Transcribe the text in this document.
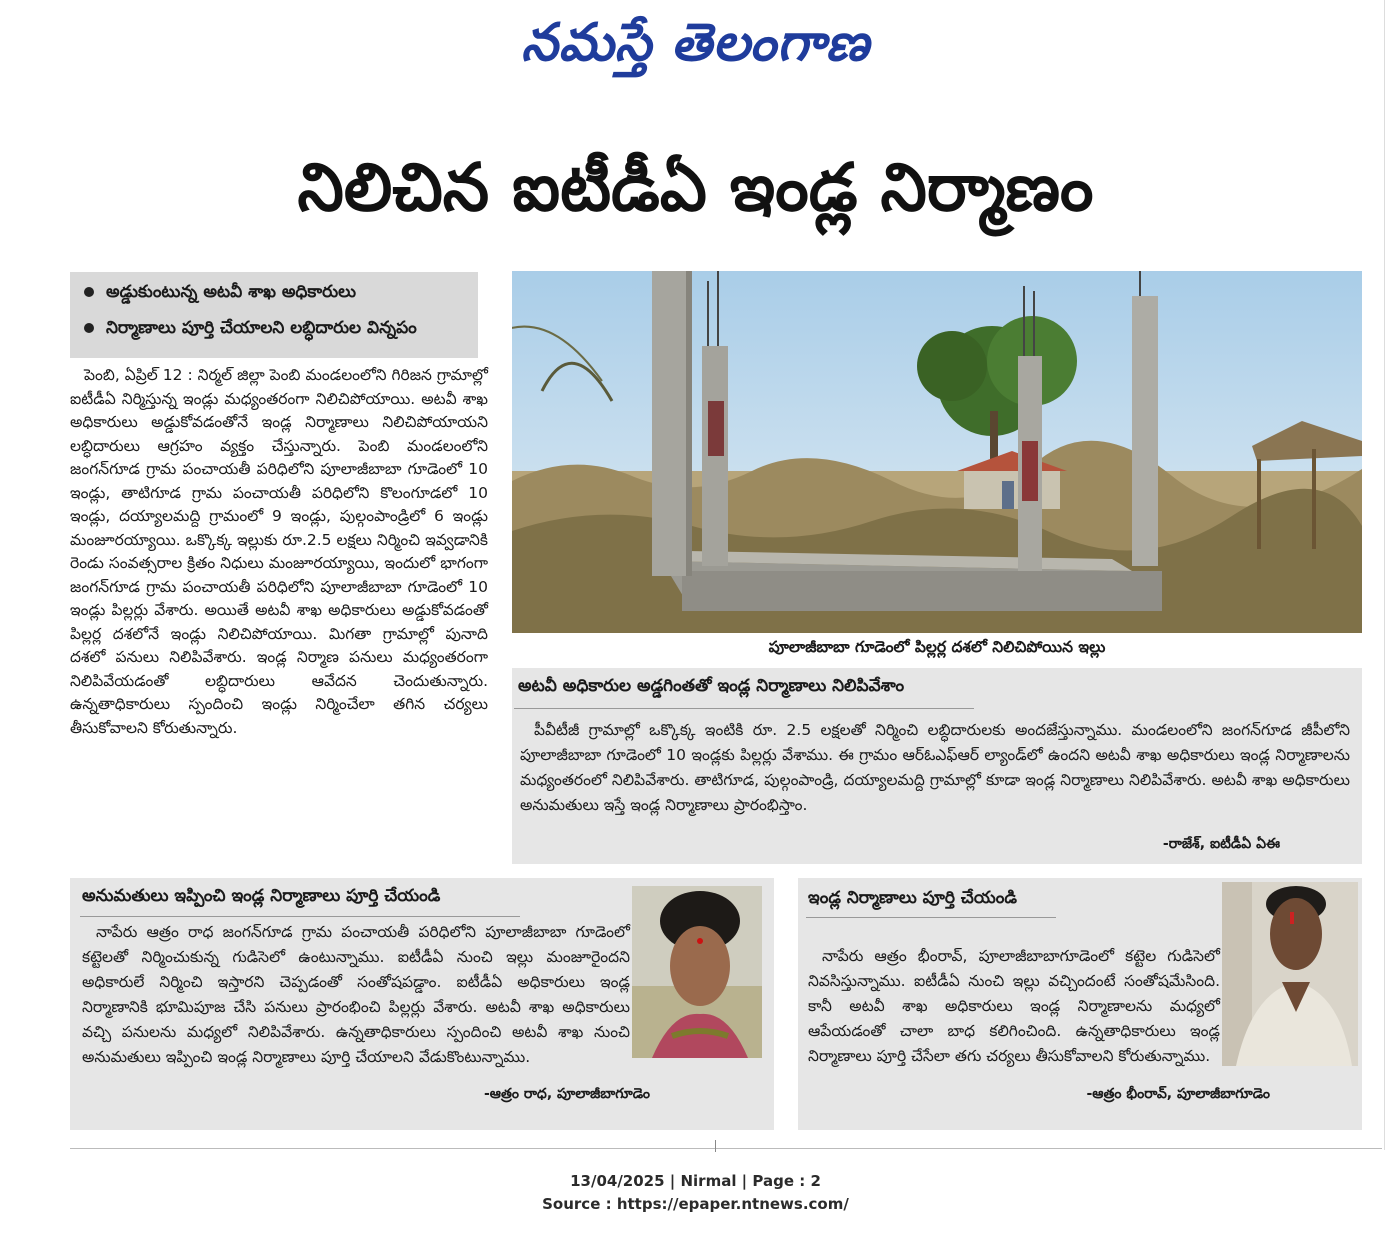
నమస్తే తెలంగాణ
నిలిచిన ఐటీడీఏ ఇండ్ల నిర్మాణం
అడ్డుకుంటున్న అటవీ శాఖ అధికారులు
నిర్మాణాలు పూర్తి చేయాలని లబ్ధిదారుల విన్నపం

పెంబి, ఏప్రిల్ 12 : నిర్మల్ జిల్లా పెంబి మండలంలోని గిరిజన గ్రామాల్లో ఐటీడీఏ నిర్మిస్తున్న ఇండ్లు మధ్యంతరంగా నిలిచిపోయాయి. అటవీ శాఖ అధికారులు అడ్డుకోవడంతోనే ఇండ్ల నిర్మాణాలు నిలిచిపోయాయని లబ్ధిదారులు ఆగ్రహం వ్యక్తం చేస్తున్నారు. పెంబి మండలంలోని జంగన్‌గూడ గ్రామ పంచాయతీ పరిధిలోని పూలాజీబాబా గూడెంలో 10 ఇండ్లు, తాటిగూడ గ్రామ పంచాయతీ పరిధిలోని కొలంగూడలో 10 ఇండ్లు, దయ్యాలమద్ది గ్రామంలో 9 ఇండ్లు, పుల్గంపాండ్రిలో 6 ఇండ్లు మంజూరయ్యాయి. ఒక్కొక్క ఇల్లుకు రూ.2.5 లక్షలు నిర్మించి ఇవ్వడానికి రెండు సంవత్సరాల క్రితం నిధులు మంజూరయ్యాయి, ఇందులో భాగంగా జంగన్‌గూడ గ్రామ పంచాయతీ పరిధిలోని పూలాజీబాబా గూడెంలో 10 ఇండ్లు పిల్లర్లు వేశారు. అయితే అటవీ శాఖ అధికారులు అడ్డుకోవడంతో పిల్లర్ల దశలోనే ఇండ్లు నిలిచిపోయాయి. మిగతా గ్రామాల్లో పునాది దశలో పనులు నిలిపివేశారు. ఇండ్ల నిర్మాణ పనులు మధ్యంతరంగా నిలిపివేయడంతో లబ్ధిదారులు ఆవేదన చెందుతున్నారు. ఉన్నతాధికారులు స్పందించి ఇండ్లు నిర్మించేలా తగిన చర్యలు తీసుకోవాలని కోరుతున్నారు.

పూలాజీబాబా గూడెంలో పిల్లర్ల దశలో నిలిచిపోయిన ఇల్లు
అటవీ అధికారుల అడ్డగింతతో ఇండ్ల నిర్మాణాలు నిలిపివేశాం

పీవీటీజీ గ్రామాల్లో ఒక్కొక్క ఇంటికి రూ. 2.5 లక్షలతో నిర్మించి లబ్ధిదారులకు అందజేస్తున్నాము. మండలంలోని జంగన్‌గూడ జీపీలోని పూలాజీబాబా గూడెంలో 10 ఇండ్లకు పిల్లర్లు వేశాము. ఈ గ్రామం ఆర్‌ఓఎఫ్‌ఆర్ ల్యాండ్‌లో ఉందని అటవీ శాఖ అధికారులు ఇండ్ల నిర్మాణాలను మధ్యంతరంలో నిలిపివేశారు. తాటిగూడ, పుల్గంపాండ్రి, దయ్యాలమద్ది గ్రామాల్లో కూడా ఇండ్ల నిర్మాణాలు నిలిపివేశారు. అటవీ శాఖ అధికారులు అనుమతులు ఇస్తే ఇండ్ల నిర్మాణాలు ప్రారంభిస్తాం.

-రాజేశ్, ఐటీడీఏ ఏఈ
అనుమతులు ఇప్పించి ఇండ్ల నిర్మాణాలు పూర్తి చేయండి

నాపేరు ఆత్రం రాధ జంగన్‌గూడ గ్రామ పంచాయతీ పరిధిలోని పూలాజీబాబా గూడెంలో కట్టెలతో నిర్మించుకున్న గుడిసెలో ఉంటున్నాము. ఐటీడీఏ నుంచి ఇల్లు మంజూరైందని అధికారులే నిర్మించి ఇస్తారని చెప్పడంతో సంతోషపడ్డాం. ఐటీడీఏ అధికారులు ఇండ్ల నిర్మాణానికి భూమిపూజ చేసి పనులు ప్రారంభించి పిల్లర్లు వేశారు. అటవీ శాఖ అధికారులు వచ్చి పనులను మధ్యలో నిలిపివేశారు. ఉన్నతాధికారులు స్పందించి అటవీ శాఖ నుంచి అనుమతులు ఇప్పించి ఇండ్ల నిర్మాణాలు పూర్తి చేయాలని వేడుకొంటున్నాము.

-ఆత్రం రాధ, పూలాజీబాగూడెం
ఇండ్ల నిర్మాణాలు పూర్తి చేయండి

నాపేరు ఆత్రం భీంరావ్, పూలాజీబాబాగూడెంలో కట్టెల గుడిసెలో నివసిస్తున్నాము. ఐటీడీఏ నుంచి ఇల్లు వచ్చిందంటే సంతోషమేసింది. కానీ అటవీ శాఖ అధికారులు ఇండ్ల నిర్మాణాలను మధ్యలో ఆపేయడంతో చాలా బాధ కలిగించింది. ఉన్నతాధికారులు ఇండ్ల నిర్మాణాలు పూర్తి చేసేలా తగు చర్యలు తీసుకోవాలని కోరుతున్నాము.

-ఆత్రం భీంరావ్, పూలాజీబాగూడెం
13/04/2025 | Nirmal | Page : 2
Source : https://epaper.ntnews.com/
